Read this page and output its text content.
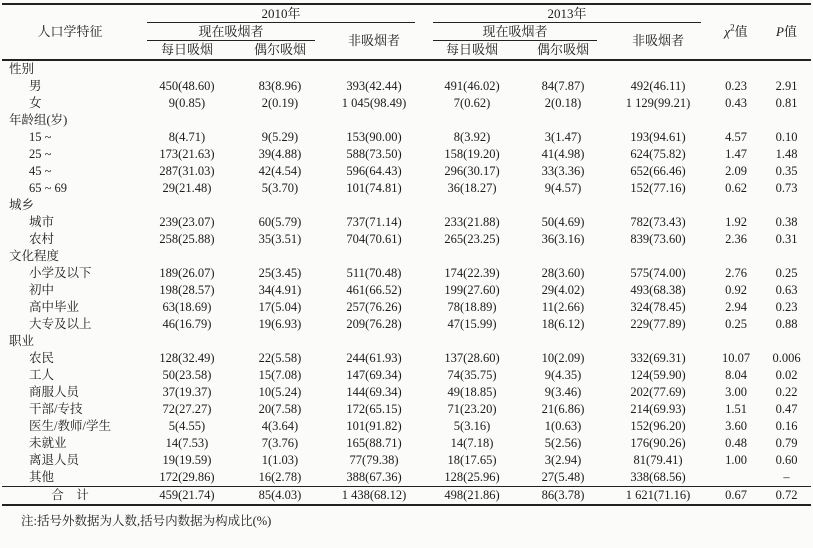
人口学特征	2010年			2013年			$\chi^2$值	P值
	现在吸烟者		非吸烟者	现在吸烟者		非吸烟者		
	每日吸烟	偶尔吸烟		每日吸烟	偶尔吸烟			
性别								
男	450(48.60)	83(8.96)	393(42.44)	491(46.02)	84(7.87)	492(46.11)	0.23	2.91
女	9(0.85)	2(0.19)	1 045(98.49)	7(0.62)	2(0.18)	1 129(99.21)	0.43	0.81
年龄组(岁)								
15 ~	8(4.71)	9(5.29)	153(90.00)	8(3.92)	3(1.47)	193(94.61)	4.57	0.10
25 ~	173(21.63)	39(4.88)	588(73.50)	158(19.20)	41(4.98)	624(75.82)	1.47	1.48
45 ~	287(31.03)	42(4.54)	596(64.43)	296(30.17)	33(3.36)	652(66.46)	2.09	0.35
65 ~ 69	29(21.48)	5(3.70)	101(74.81)	36(18.27)	9(4.57)	152(77.16)	0.62	0.73
城乡								
城市	239(23.07)	60(5.79)	737(71.14)	233(21.88)	50(4.69)	782(73.43)	1.92	0.38
农村	258(25.88)	35(3.51)	704(70.61)	265(23.25)	36(3.16)	839(73.60)	2.36	0.31
文化程度								
小学及以下	189(26.07)	25(3.45)	511(70.48)	174(22.39)	28(3.60)	575(74.00)	2.76	0.25
初中	198(28.57)	34(4.91)	461(66.52)	199(27.60)	29(4.02)	493(68.38)	0.92	0.63
高中毕业	63(18.69)	17(5.04)	257(76.26)	78(18.89)	11(2.66)	324(78.45)	2.94	0.23
大专及以上	46(16.79)	19(6.93)	209(76.28)	47(15.99)	18(6.12)	229(77.89)	0.25	0.88
职业								
农民	128(32.49)	22(5.58)	244(61.93)	137(28.60)	10(2.09)	332(69.31)	10.07	0.006
工人	50(23.58)	15(7.08)	147(69.34)	74(35.75)	9(4.35)	124(59.90)	8.04	0.02
商服人员	37(19.37)	10(5.24)	144(69.34)	49(18.85)	9(3.46)	202(77.69)	3.00	0.22
干部/专技	72(27.27)	20(7.58)	172(65.15)	71(23.20)	21(6.86)	214(69.93)	1.51	0.47
医生/教师/学生	5(4.55)	4(3.64)	101(91.82)	5(3.16)	1(0.63)	152(96.20)	3.60	0.16
未就业	14(7.53)	7(3.76)	165(88.71)	14(7.18)	5(2.56)	176(90.26)	0.48	0.79
离退人员	19(19.59)	1(1.03)	77(79.38)	18(17.65)	3(2.94)	81(79.41)	1.00	0.60
其他	172(29.86)	16(2.78)	388(67.36)	128(25.96)	27(5.48)	338(68.56)		–
合　计	459(21.74)	85(4.03)	1 438(68.12)	498(21.86)	86(3.78)	1 621(71.16)	0.67	0.72
注:括号外数据为人数,括号内数据为构成比(%)
